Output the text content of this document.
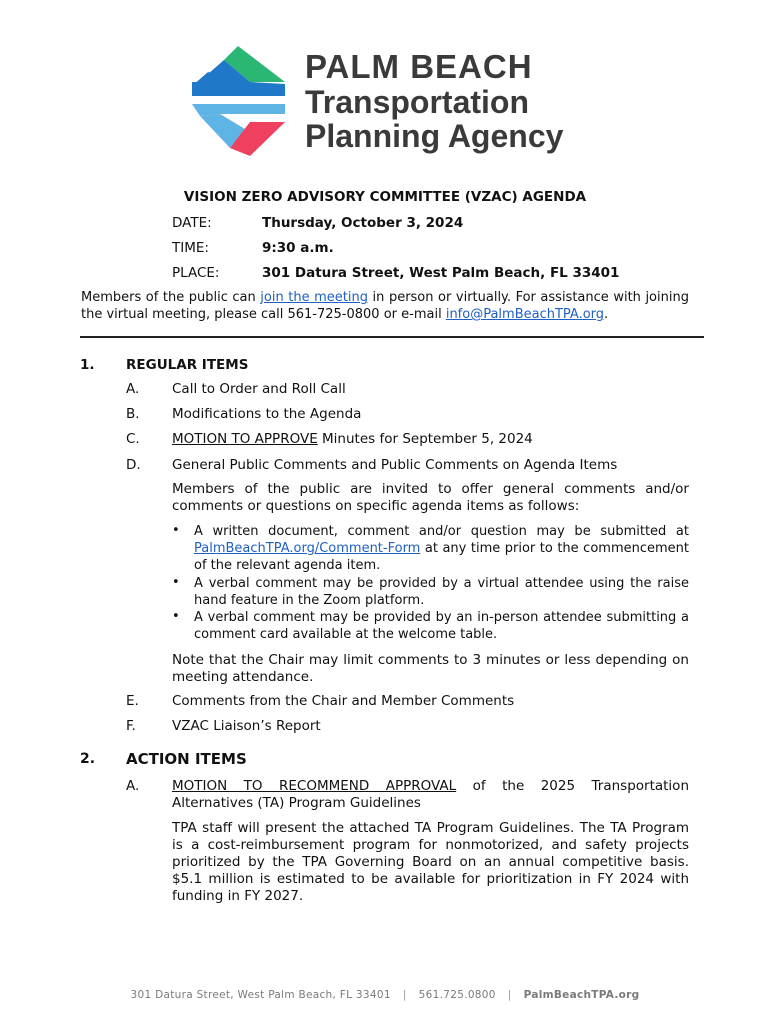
PALM BEACH
Transportation
Planning Agency
VISION ZERO ADVISORY COMMITTEE (VZAC) AGENDA
DATE:	Thursday, October 3, 2024
TIME:	9:30 a.m.
PLACE:	301 Datura Street, West Palm Beach, FL 33401
Members of the public can join the meeting in person or virtually. For assistance with joining the virtual meeting, please call 561-725-0800 or e-mail info@PalmBeachTPA.org.
1. REGULAR ITEMS
A. Call to Order and Roll Call
B. Modifications to the Agenda
C. MOTION TO APPROVE Minutes for September 5, 2024
D. General Public Comments and Public Comments on Agenda Items
Members of the public are invited to offer general comments and/or comments or questions on specific agenda items as follows:
• A written document, comment and/or question may be submitted at PalmBeachTPA.org/Comment-Form at any time prior to the commencement of the relevant agenda item.
• A verbal comment may be provided by a virtual attendee using the raise hand feature in the Zoom platform.
• A verbal comment may be provided by an in-person attendee submitting a comment card available at the welcome table.
Note that the Chair may limit comments to 3 minutes or less depending on meeting attendance.
E. Comments from the Chair and Member Comments
F.	VZAC Liaison’s Report
2. ACTION ITEMS
A. MOTION TO RECOMMEND APPROVAL of the 2025 Transportation Alternatives (TA) Program Guidelines
TPA staff will present the attached TA Program Guidelines. The TA Program is a cost-reimbursement program for nonmotorized, and safety projects prioritized by the TPA Governing Board on an annual competitive basis. $5.1 million is estimated to be available for prioritization in FY 2024 with funding in FY 2027.
301 Datura Street, West Palm Beach, FL 33401 | 561.725.0800 | PalmBeachTPA.org
